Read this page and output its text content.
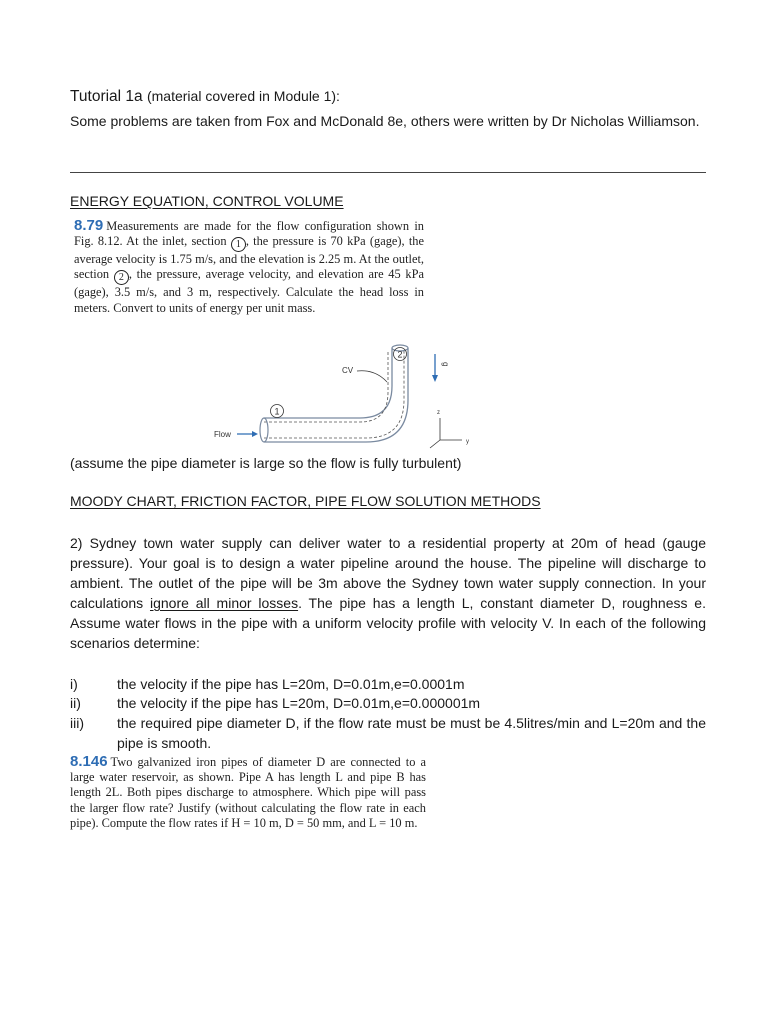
Tutorial 1a (material covered in Module 1):
Some problems are taken from Fox and McDonald 8e, others were written by Dr Nicholas Williamson.
ENERGY EQUATION, CONTROL VOLUME
8.79 Measurements are made for the flow configuration shown in Fig. 8.12. At the inlet, section 1 , the pressure is 70 kPa (gage), the average velocity is 1.75 m/s, and the elevation is 2.25 m. At the outlet, section 2 , the pressure, average velocity, and elevation are 45 kPa (gage), 3.5 m/s, and 3 m, respectively. Calculate the head loss in meters. Convert to units of energy per unit mass.
1
2
CV
Flow
g
z
y
(assume the pipe diameter is large so the flow is fully turbulent)
MOODY CHART, FRICTION FACTOR, PIPE FLOW SOLUTION METHODS
2) Sydney town water supply can deliver water to a residential property at 20m of head (gauge pressure). Your goal is to design a water pipeline around the house. The pipeline will discharge to ambient. The outlet of the pipe will be 3m above the Sydney town water supply connection. In your calculations ignore all minor losses. The pipe has a length L, constant diameter D, roughness e. Assume water flows in the pipe with a uniform velocity profile with velocity V. In each of the following scenarios determine:
i)	the velocity if the pipe has L=20m, D=0.01m,e=0.0001m
ii)	the velocity if the pipe has L=20m, D=0.01m,e=0.000001m
iii) the required pipe diameter D, if the flow rate must be must be 4.5litres/min and L=20m and the pipe is smooth.
8.146 Two galvanized iron pipes of diameter D are connected to a large water reservoir, as shown. Pipe A has length L and pipe B has length 2L. Both pipes discharge to atmosphere. Which pipe will pass the larger flow rate? Justify (without calculating the flow rate in each pipe). Compute the flow rates if H = 10 m, D = 50 mm, and L = 10 m.
